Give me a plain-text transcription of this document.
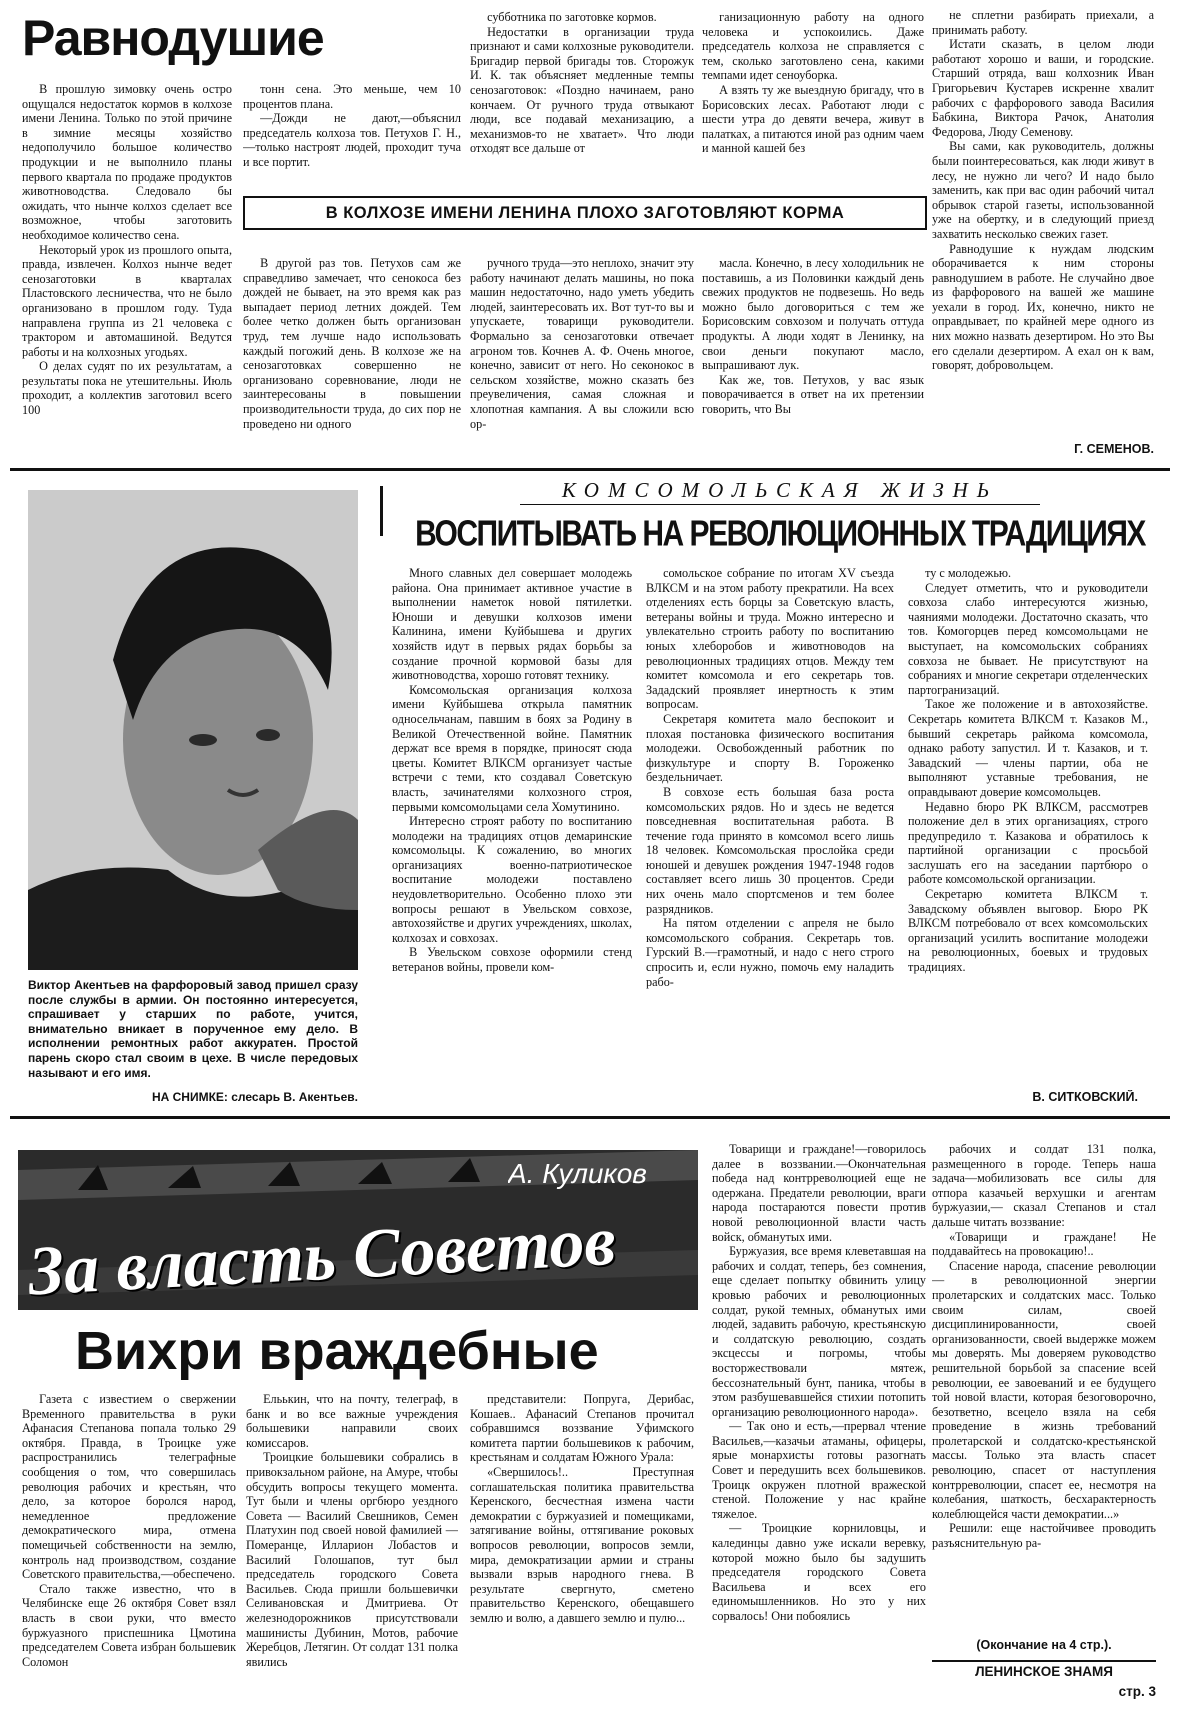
Равнодушие

В прошлую зимовку очень остро ощущался недостаток кормов в колхозе имени Ленина. Только по этой причине в зимние месяцы хозяйство недополучило большое количество продукции и не выполнило планы первого квартала по продаже продуктов животноводства. Следовало бы ожидать, что нынче колхоз сделает все возможное, чтобы заготовить необходимое количество сена.

Некоторый урок из прошлого опыта, правда, извлечен. Колхоз нынче ведет сенозаготовки в кварталах Пластовского лесничества, что не было организовано в прошлом году. Туда направлена группа из 21 человека с трактором и автомашиной. Ведутся работы и на колхозных угодьях.

О делах судят по их результатам, а результаты пока не утешительны. Июль проходит, а коллектив заготовил всего 100

тонн сена. Это меньше, чем 10 процентов плана.

—Дожди не дают,—объяснил председатель колхоза тов. Петухов Г. Н.,—только настроят людей, проходит туча и все портит.

субботника по заготовке кормов.

Недостатки в организации труда признают и сами колхозные руководители. Бригадир первой бригады тов. Сторожук И. К. так объясняет медленные темпы сенозаготовок: «Поздно начинаем, рано кончаем. От ручного труда отвыкают люди, все подавай механизацию, а механизмов-то не хватает». Что люди отходят все дальше от

ганизационную работу на одного человека и успокоились. Даже председатель колхоза не справляется с тем, сколько заготовлено сена, какими темпами идет сеноуборка.

А взять ту же выездную бригаду, что в Борисовских лесах. Работают люди с шести утра до девяти вечера, живут в палатках, а питаются иной раз одним чаем и манной кашей без

В КОЛХОЗЕ ИМЕНИ ЛЕНИНА ПЛОХО ЗАГОТОВЛЯЮТ КОРМА

В другой раз тов. Петухов сам же справедливо замечает, что сенокоса без дождей не бывает, на это время как раз выпадает период летних дождей. Тем более четко должен быть организован труд, тем лучше надо использовать каждый погожий день. В колхозе же на сенозаготовках совершенно не организовано соревнование, люди не заинтересованы в повышении производительности труда, до сих пор не проведено ни одного

ручного труда—это неплохо, значит эту работу начинают делать машины, но пока машин недостаточно, надо уметь убедить людей, заинтересовать их. Вот тут-то вы и упускаете, товарищи руководители. Формально за сенозаготовки отвечает агроном тов. Кочнев А. Ф. Очень многое, конечно, зависит от него. Но секонокос в сельском хозяйстве, можно сказать без преувеличения, самая сложная и хлопотная кампания. А вы сложили всю ор-

масла. Конечно, в лесу холодильник не поставишь, а из Половинки каждый день свежих продуктов не подвезешь. Но ведь можно было договориться с тем же Борисовским совхозом и получать оттуда продукты. А люди ходят в Ленинку, на свои деньги покупают масло, выпрашивают лук.

Как же, тов. Петухов, у вас язык поворачивается в ответ на их претензии говорить, что Вы

не сплетни разбирать приехали, а принимать работу.

Истати сказать, в целом люди работают хорошо и ваши, и городские. Старший отряда, ваш колхозник Иван Григорьевич Кустарев искренне хвалит рабочих с фарфорового завода Василия Бабкина, Виктора Рачок, Анатолия Федорова, Люду Семенову.

Вы сами, как руководитель, должны были поинтересоваться, как люди живут в лесу, не нужно ли чего? И надо было заменить, как при вас один рабочий читал обрывок старой газеты, использованной уже на обертку, и в следующий приезд захватить несколько свежих газет.

Равнодушие к нуждам людским оборачивается к ним стороны равнодушием в работе. Не случайно двое из фарфорового на вашей же машине уехали в город. Их, конечно, никто не оправдывает, по крайней мере одного из них можно назвать дезертиром. Но это Вы его сделали дезертиром. А ехал он к вам, говорят, добровольцем.

Г. СЕМЕНОВ.
Виктор Акентьев на фарфоровый завод пришел сразу после службы в армии. Он постоянно интересуется, спрашивает у старших по работе, учится, внимательно вникает в порученное ему дело. В исполнении ремонтных работ аккуратен. Простой парень скоро стал своим в цехе. В числе передовых называют и его имя.
НА СНИМКЕ: слесарь В. Акентьев.
КОМСОМОЛЬСКАЯ ЖИЗНЬ
ВОСПИТЫВАТЬ НА РЕВОЛЮЦИОННЫХ ТРАДИЦИЯХ

Много славных дел совершает молодежь района. Она принимает активное участие в выполнении наметок новой пятилетки. Юноши и девушки колхозов имени Калинина, имени Куйбышева и других хозяйств идут в первых рядах борьбы за создание прочной кормовой базы для животноводства, хорошо готовят технику.

Комсомольская организация колхоза имени Куйбышева открыла памятник односельчанам, павшим в боях за Родину в Великой Отечественной войне. Памятник держат все время в порядке, приносят сюда цветы. Комитет ВЛКСМ организует частые встречи с теми, кто создавал Советскую власть, зачинателями колхозного строя, первыми комсомольцами села Хомутинино.

Интересно строят работу по воспитанию молодежи на традициях отцов демаринские комсомольцы. К сожалению, во многих организациях военно-патриотическое воспитание молодежи поставлено неудовлетворительно. Особенно плохо эти вопросы решают в Увельском совхозе, автохозяйстве и других учреждениях, школах, колхозах и совхозах.

В Увельском совхозе оформили стенд ветеранов войны, провели ком-

сомольское собрание по итогам XV съезда ВЛКСМ и на этом работу прекратили. На всех отделениях есть борцы за Советскую власть, ветераны войны и труда. Можно интересно и увлекательно строить работу по воспитанию юных хлеборобов и животноводов на революционных традициях отцов. Между тем комитет комсомола и его секретарь тов. Зададский проявляет инертность к этим вопросам.

Секретаря комитета мало беспокоит и плохая постановка физического воспитания молодежи. Освобожденный работник по физкультуре и спорту В. Гороженко бездельничает.

В совхозе есть большая база роста комсомольских рядов. Но и здесь не ведется повседневная воспитательная работа. В течение года принято в комсомол всего лишь 18 человек. Комсомольская прослойка среди юношей и девушек рождения 1947-1948 годов составляет всего лишь 30 процентов. Среди них очень мало спортсменов и тем более разрядников.

На пятом отделении с апреля не было комсомольского собрания. Секретарь тов. Гурский В.—грамотный, и надо с него строго спросить и, если нужно, помочь ему наладить рабо-

ту с молодежью.

Следует отметить, что и руководители совхоза слабо интересуются жизнью, чаяниями молодежи. Достаточно сказать, что тов. Комогорцев перед комсомольцами не выступает, на комсомольских собраниях совхоза не бывает. Не присутствуют на собраниях и многие секретари отделенческих партогранизаций.

Такое же положение и в автохозяйстве. Секретарь комитета ВЛКСМ т. Казаков М., бывший секретарь райкома комсомола, однако работу запустил. И т. Казаков, и т. Завадский — члены партии, оба не выполняют уставные требования, не оправдывают доверие комсомольцев.

Недавно бюро РК ВЛКСМ, рассмотрев положение дел в этих организациях, строго предупредило т. Казакова и обратилось к партийной организации с просьбой заслушать его на заседании партбюро о работе комсомольской организации.

Секретарю комитета ВЛКСМ т. Завадскому объявлен выговор. Бюро РК ВЛКСМ потребовало от всех комсомольских организаций усилить воспитание молодежи на революционных, боевых и трудовых традициях.

В. СИТКОВСКИЙ.
А. Куликов
За власть Советов
Вихри враждебные

Газета с известием о свержении Временного правительства в руки Афанасия Степанова попала только 29 октября. Правда, в Троицке уже распространились телеграфные сообщения о том, что совершилась революция рабочих и крестьян, что дело, за которое боролся народ, немедленное предложение демократического мира, отмена помещичьей собственности на землю, контроль над производством, создание Советского правительства,—обеспечено.

Стало также известно, что в Челябинске еще 26 октября Совет взял власть в свои руки, что вместо буржуазного приспешника Цмотина председателем Совета избран большевик Соломон

Ельькин, что на почту, телеграф, в банк и во все важные учреждения большевики направили своих комиссаров.

Троицкие большевики собрались в привокзальном районе, на Амуре, чтобы обсудить вопросы текущего момента. Тут были и члены оргбюро уездного Совета — Василий Свешников, Семен Платухин под своей новой фамилией — Померанце, Илларион Лобастов и Василий Голошапов, тут был председатель городского Совета Васильев. Сюда пришли большевички Селивановская и Дмитриева. От железнодорожников присутствовали машинисты Дубинин, Мотов, рабочие Жеребцов, Летягин. От солдат 131 полка явились

представители: Попруга, Дерибас, Кошаев.. Афанасий Степанов прочитал собравшимся воззвание Уфимского комитета партии большевиков к рабочим, крестьянам и солдатам Южного Урала:

«Свершилось!.. Преступная соглашательская политика правительства Керенского, бесчестная измена части демократии с буржуазией и помещиками, затягивание войны, оттягивание роковых вопросов революции, вопросов земли, мира, демократизации армии и страны вызвали взрыв народного гнева. В результате свергнуто, сметено правительство Керенского, обещавшего землю и волю, а давшего землю и пулю...

Товарищи и граждане!—говорилось далее в воззвании.—Окончательная победа над контрреволюцией еще не одержана. Предатели революции, враги народа постараются повести против новой революционной власти часть войск, обманутых ими.

Буржуазия, все время клеветавшая на рабочих и солдат, теперь, без сомнения, еще сделает попытку обвинить улицу кровью рабочих и революционных солдат, рукой темных, обманутых ими людей, задавить рабочую, крестьянскую и солдатскую революцию, создать эксцессы и погромы, чтобы восторжествовали мятеж, бессознательный бунт, паника, чтобы в этом разбушевавшейся стихии потопить организацию революционного народа».

— Так оно и есть,—прервал чтение Васильев,—казачьи атаманы, офицеры, ярые монархисты готовы разогнать Совет и передушить всех большевиков. Троицк окружен плотной вражеской стеной. Положение у нас крайне тяжелое.

— Троицкие корниловцы, и калединцы давно уже искали веревку, которой можно было бы задушить председателя городского Совета Васильева и всех его единомышленников. Но это у них сорвалось! Они побоялись

рабочих и солдат 131 полка, размещенного в городе. Теперь наша задача—мобилизовать все силы для отпора казачьей верхушки и агентам буржуазии,— сказал Степанов и стал дальше читать воззвание:

«Товарищи и граждане! Не поддавайтесь на провокацию!..

Спасение народа, спасение революции — в революционной энергии пролетарских и солдатских масс. Только своим силам, своей дисциплинированности, своей организованности, своей выдержке можем мы доверять. Мы доверяем руководство решительной борьбой за спасение всей революции, ее завоеваний и ее будущего той новой власти, которая безоговорочно, безответно, всецело взяла на себя проведение в жизнь требований пролетарской и солдатско-крестьянской массы. Только эта власть спасет революцию, спасет от наступления контрреволюции, спасет ее, несмотря на колебания, шаткость, бесхарактерность колеблющейся части демократии...»

Решили: еще настойчивее проводить разъяснительную ра-

(Окончание на 4 стр.).
ЛЕНИНСКОЕ ЗНАМЯ
стр. 3
